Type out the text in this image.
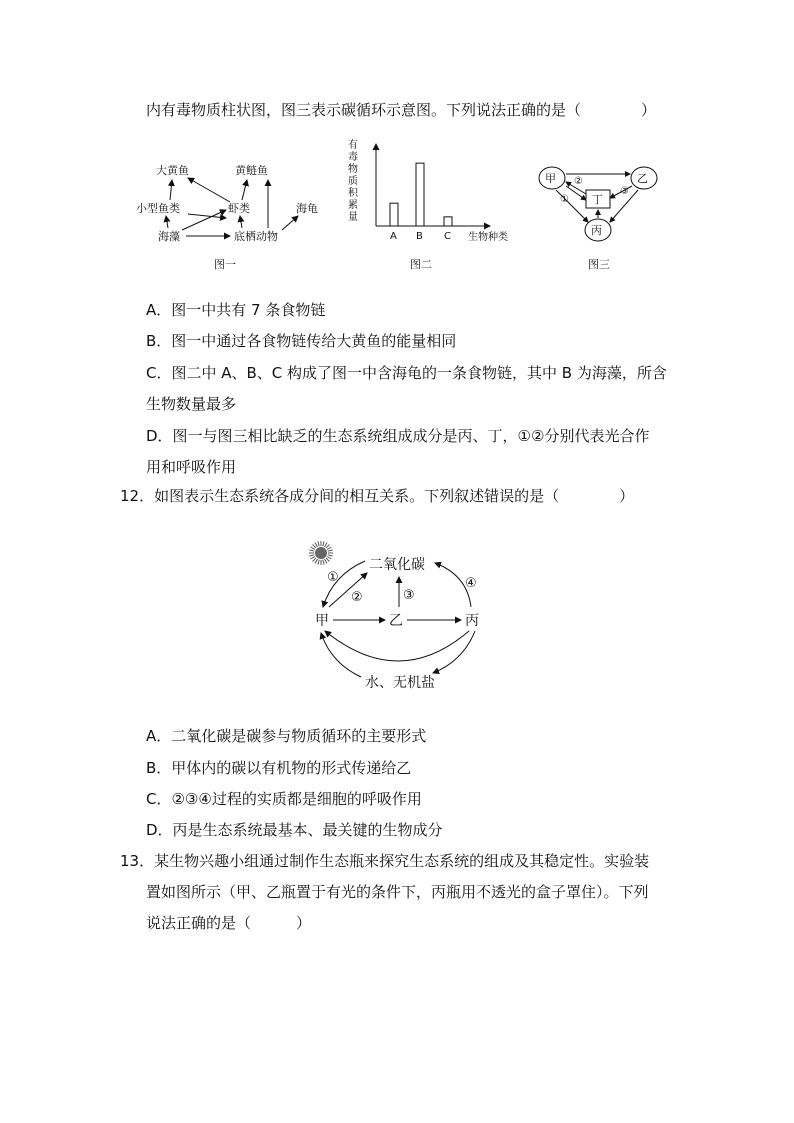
内有毒物质柱状图，图三表示碳循环示意图。下列说法正确的是（　　　　）
大黄鱼	黄鲢鱼
小型鱼类	虾类	海龟
海藻	底栖动物
图一
有
毒
物
质
积
累
量
A B C 生物种类
图二
甲	乙
丙
丁
①
②
③
图三
A．图一中共有 7 条食物链
B．图一中通过各食物链传给大黄鱼的能量相同
C．图二中 A、B、C 构成了图一中含海龟的一条食物链，其中 B 为海藻，所含
生物数量最多
D．图一与图三相比缺乏的生态系统组成成分是丙、丁，①②分别代表光合作
用和呼吸作用
12．如图表示生态系统各成分间的相互关系。下列叙述错误的是（　　　　）
二氧化碳
甲	乙	丙
水、无机盐
①
②	③
④
A．二氧化碳是碳参与物质循环的主要形式
B．甲体内的碳以有机物的形式传递给乙
C．②③④过程的实质都是细胞的呼吸作用
D．丙是生态系统最基本、最关键的生物成分
13．某生物兴趣小组通过制作生态瓶来探究生态系统的组成及其稳定性。实验装
置如图所示（甲、乙瓶置于有光的条件下，丙瓶用不透光的盒子罩住）。下列
说法正确的是（　　　）
